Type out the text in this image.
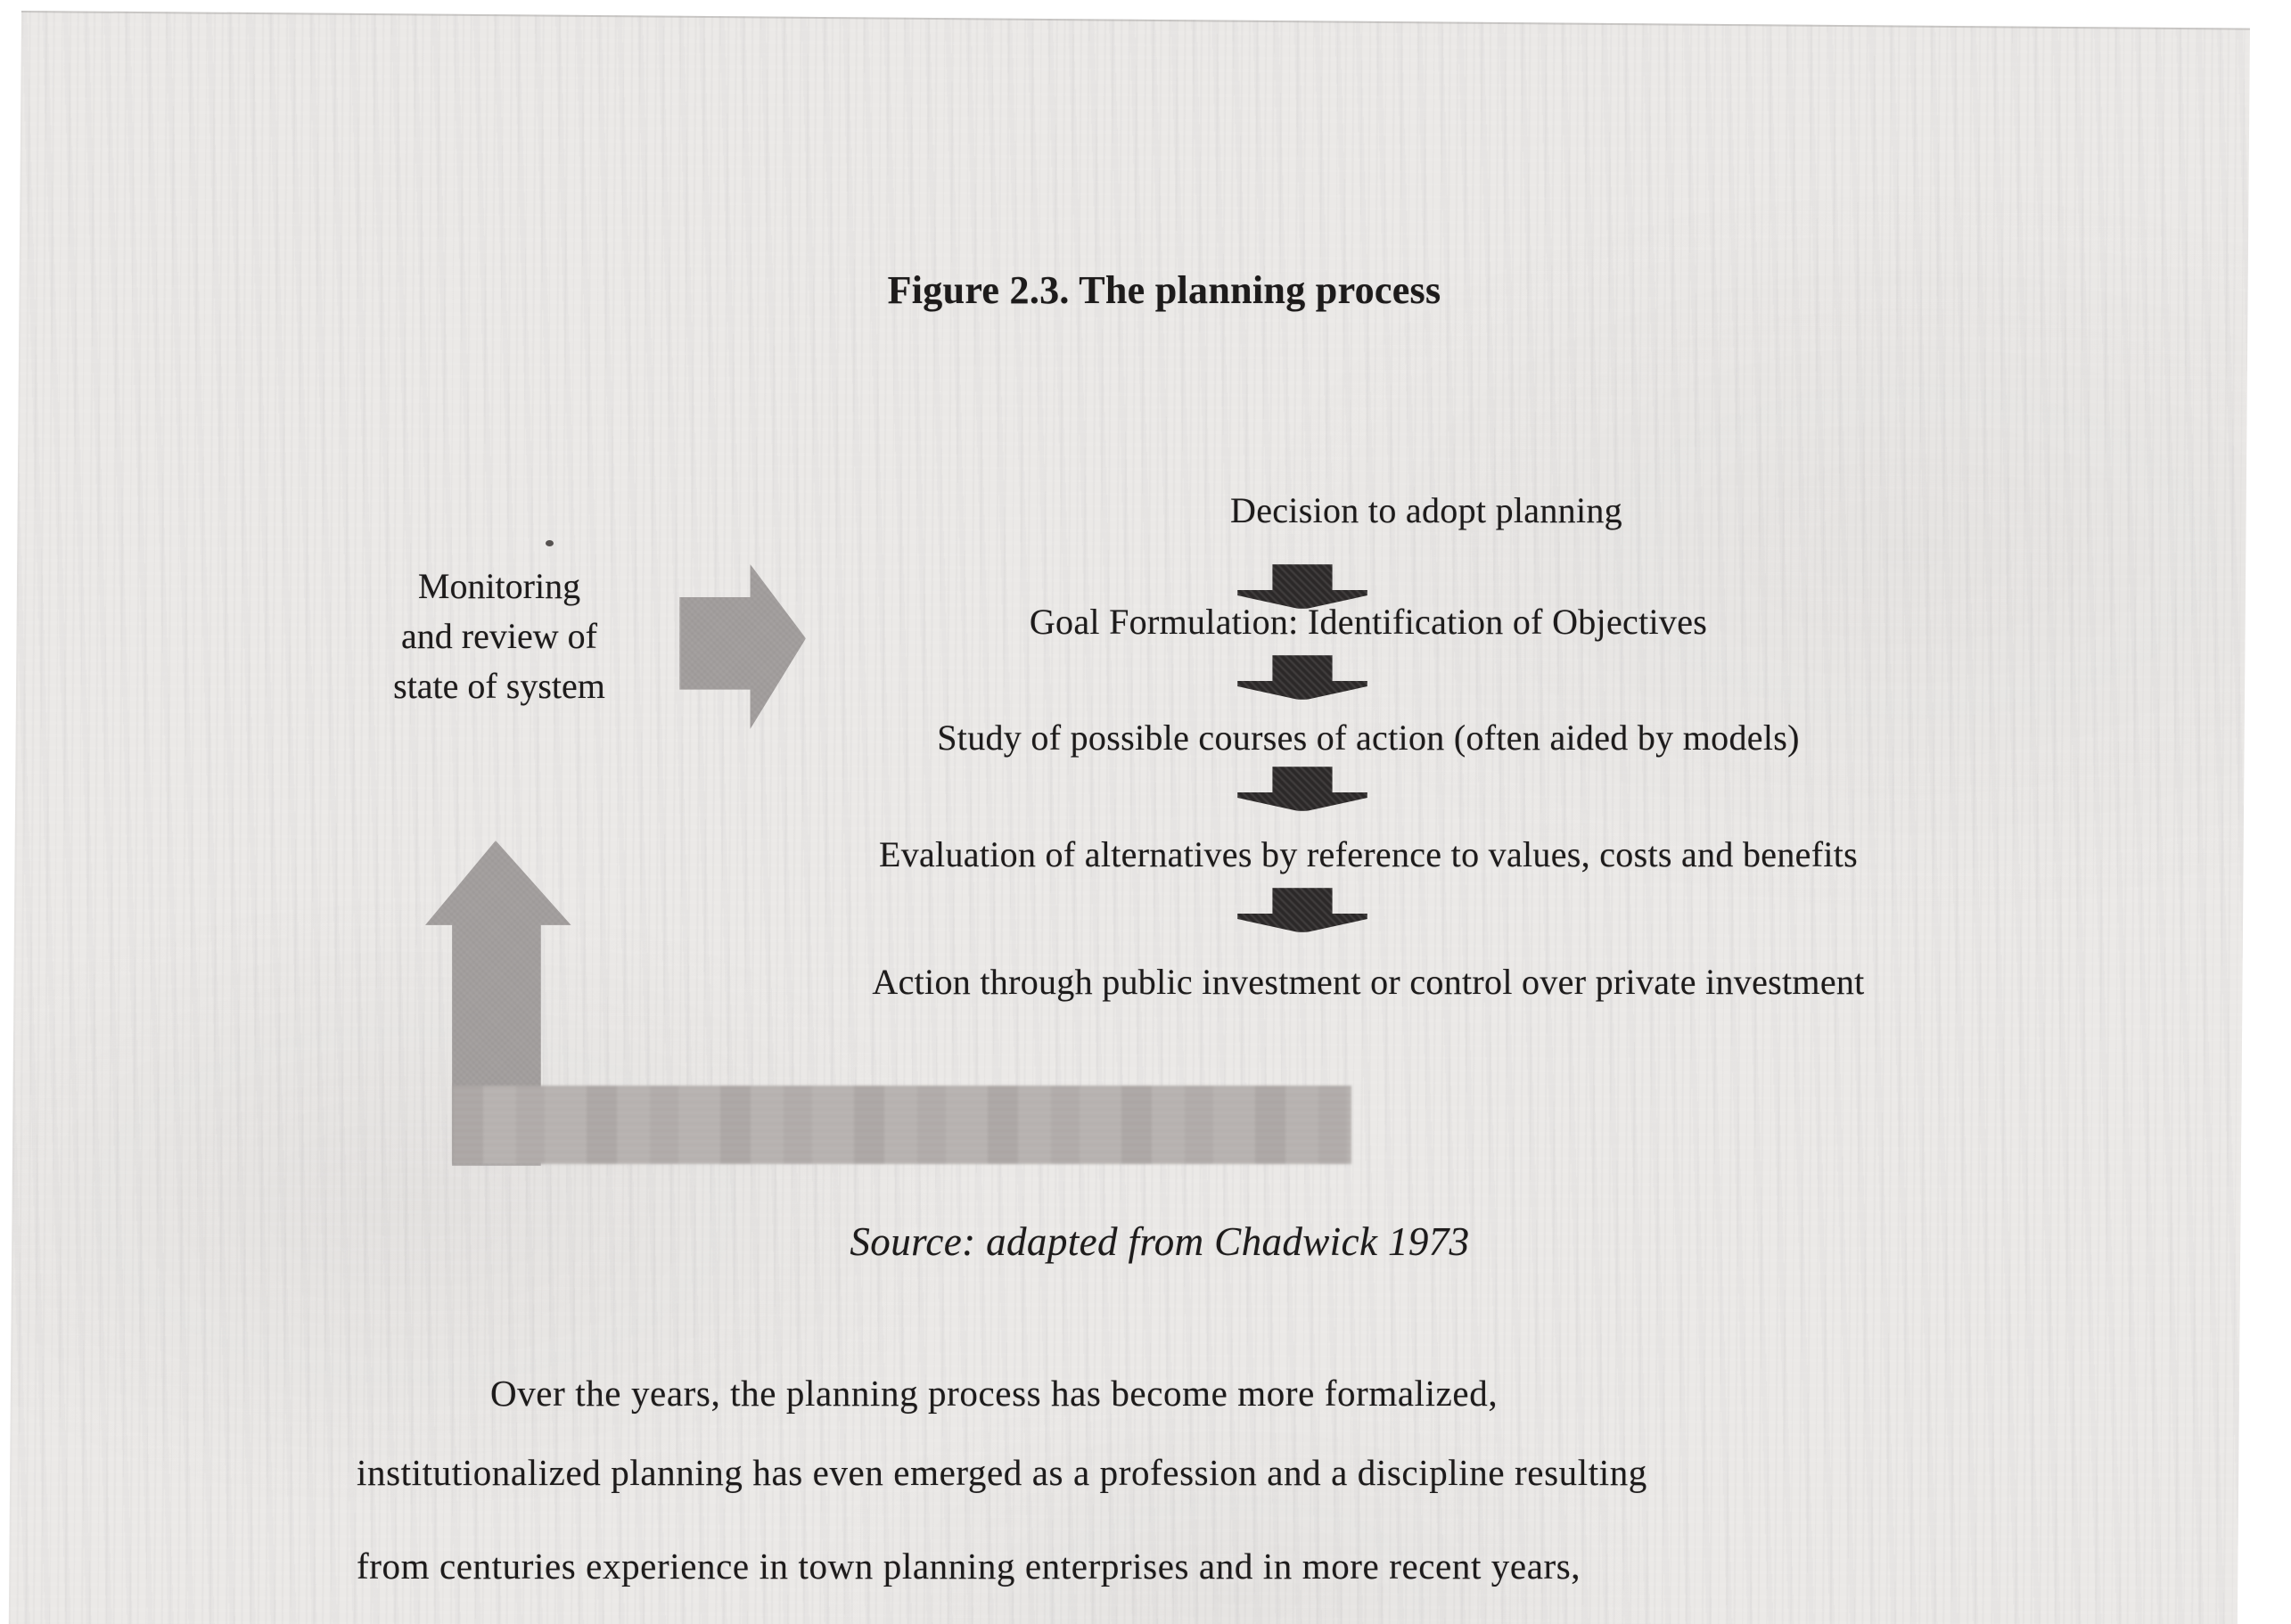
Figure 2.3. The planning process
Decision to adopt planning
Goal Formulation: Identification of Objectives
Study of possible courses of action (often aided by models)
Evaluation of alternatives by reference to values, costs and benefits
Action through public investment or control over private investment
Monitoring
and review of
state of system
Source: adapted from Chadwick 1973
Over the years, the planning process has become more formalized,
institutionalized planning has even emerged as a profession and a discipline resulting
from centuries experience in town planning enterprises and in more recent years,
